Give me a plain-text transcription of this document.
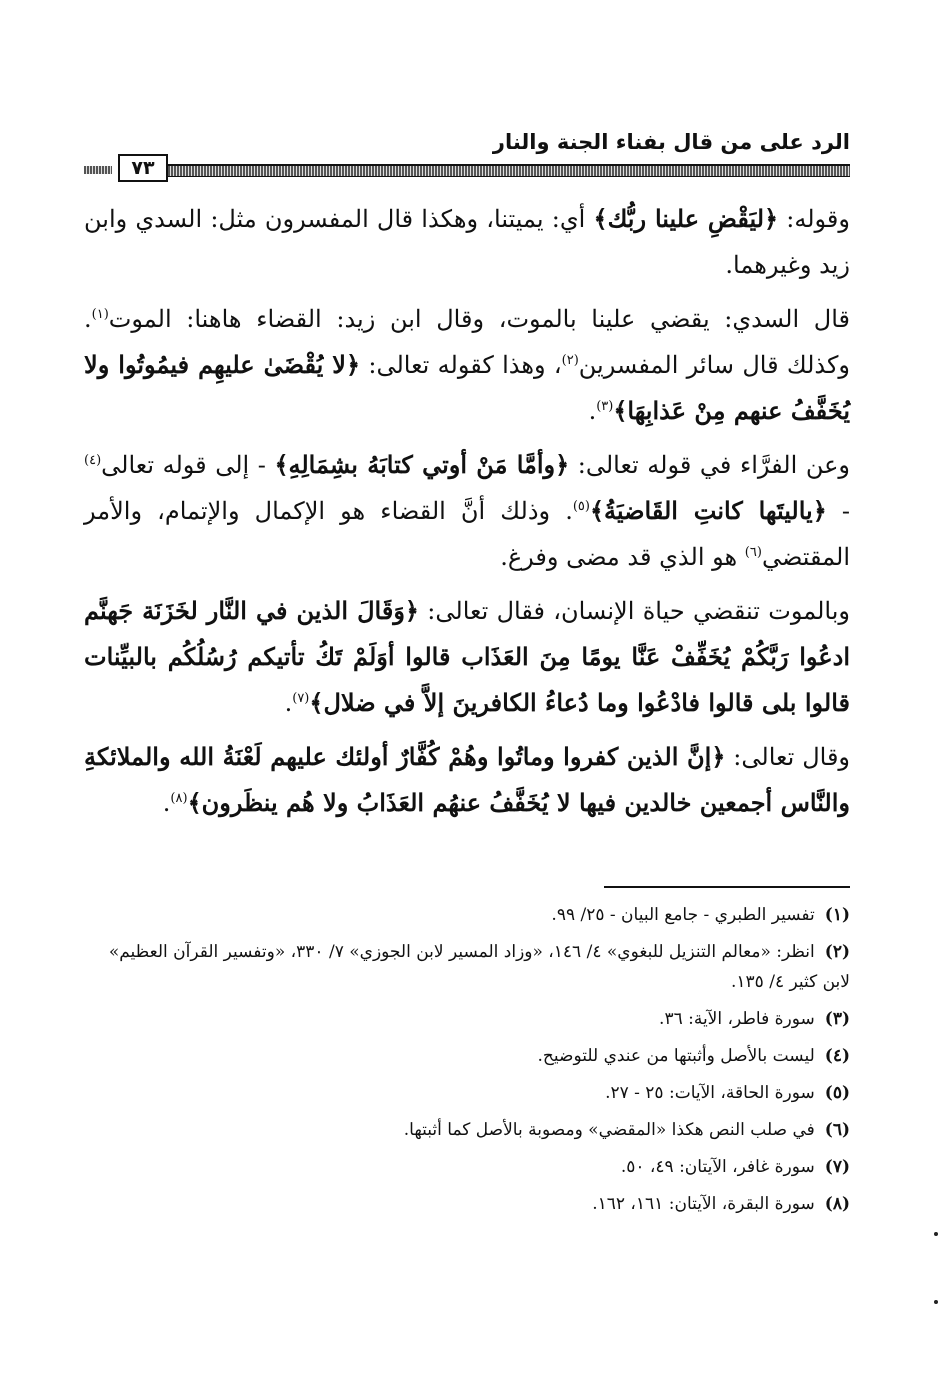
الرد على من قال بفناء الجنة والنار
٧٣

وقوله: ﴿ليَقْضِ علينا ربُّك﴾ أي: يميتنا، وهكذا قال المفسرون مثل: السدي وابن زيد وغيرهما.

قال السدي: يقضي علينا بالموت، وقال ابن زيد: القضاء هاهنا: الموت$^{(١)}$. وكذلك قال سائر المفسرين$^{(٢)}$، وهذا كقوله تعالى: ﴿لا يُقْضَىٰ عليهِم فيمُوتُوا ولا يُخَفَّفُ عنهم مِنْ عَذابِهَا﴾$^{(٣)}$.

وعن الفرَّاء في قوله تعالى: ﴿وأمَّا مَنْ أوتي كتابَهُ بشِمَالِهِ﴾ - إلى قوله تعالى$^{(٤)}$ - ﴿ياليتَها كانتِ القَاضيَةُ﴾$^{(٥)}$. وذلك أنَّ القضاء هو الإكمال والإتمام، والأمر المقتضي$^{(٦)}$ هو الذي قد مضى وفرغ.

وبالموت تنقضي حياة الإنسان، فقال تعالى: ﴿وَقَالَ الذين في النَّار لخَزَنَة جَهنَّم ادعُوا رَبَّكُمْ يُخَفِّفْ عَنَّا يومًا مِنَ العَذَاب قالوا أوَلَمْ تَكُ تأتيكم رُسُلُكُم بالبيِّنات قالوا بلى قالوا فادْعُوا وما دُعاءُ الكافرينَ إلاَّ في ضلال﴾$^{(٧)}$.

وقال تعالى: ﴿إنَّ الذين كفروا وماتُوا وهُمْ كُفَّارٌ أولئك عليهم لَعْنَةُ الله والملائكةِ والنَّاس أجمعين خالدين فيها لا يُخَفَّفُ عنهُم العَذَابُ ولا هُم ينظَرون﴾$^{(٨)}$.

(١)تفسير الطبري - جامع البيان - ٢٥/ ٩٩.
(٢)انظر: «معالم التنزيل للبغوي» ٤/ ١٤٦، «وزاد المسير لابن الجوزي» ٧/ ٣٣٠، «وتفسير القرآن العظيم» لابن كثير ٤/ ١٣٥.
(٣)سورة فاطر، الآية: ٣٦.
(٤)ليست بالأصل وأثبتها من عندي للتوضيح.
(٥)سورة الحاقة، الآيات: ٢٥ - ٢٧.
(٦)في صلب النص هكذا «المقضي» ومصوبة بالأصل كما أثبتها.
(٧)سورة غافر، الآيتان: ٤٩، ٥٠.
(٨)سورة البقرة، الآيتان: ١٦١، ١٦٢.
